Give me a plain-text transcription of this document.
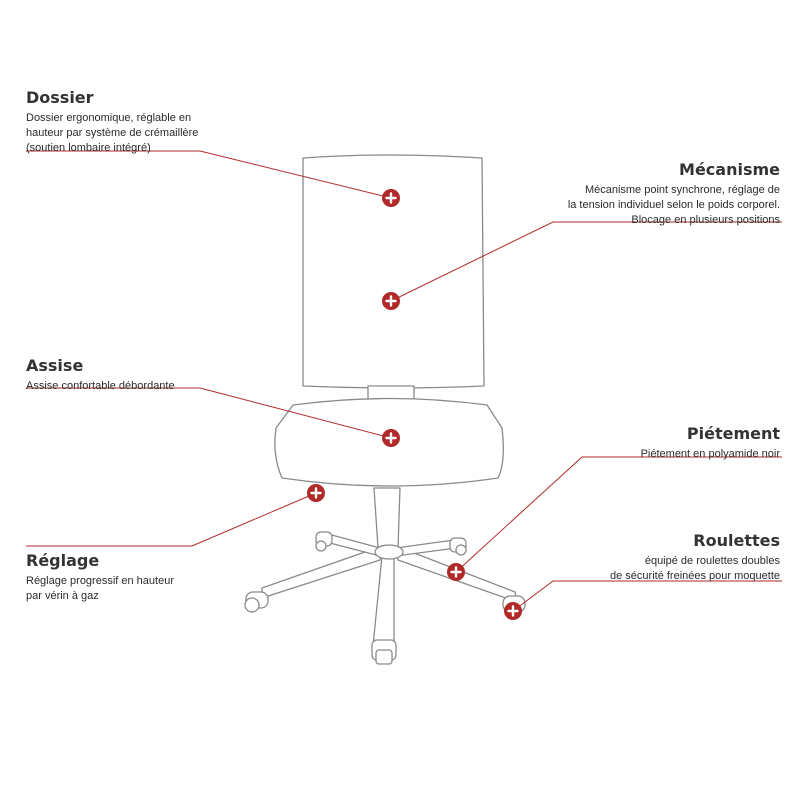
Dossier
Dossier ergonomique, réglable en
hauteur par système de crémaillère
(soutien lombaire intégré)
Mécanisme
Mécanisme point synchrone, réglage de
la tension individuel selon le poids corporel.
Blocage en plusieurs positions
Assise
Assise confortable débordante
Piétement
Piétement en polyamide noir
Réglage
Réglage progressif en hauteur
par vérin à gaz
Roulettes
équipé de roulettes doubles
de sécurité freinées pour moquette
